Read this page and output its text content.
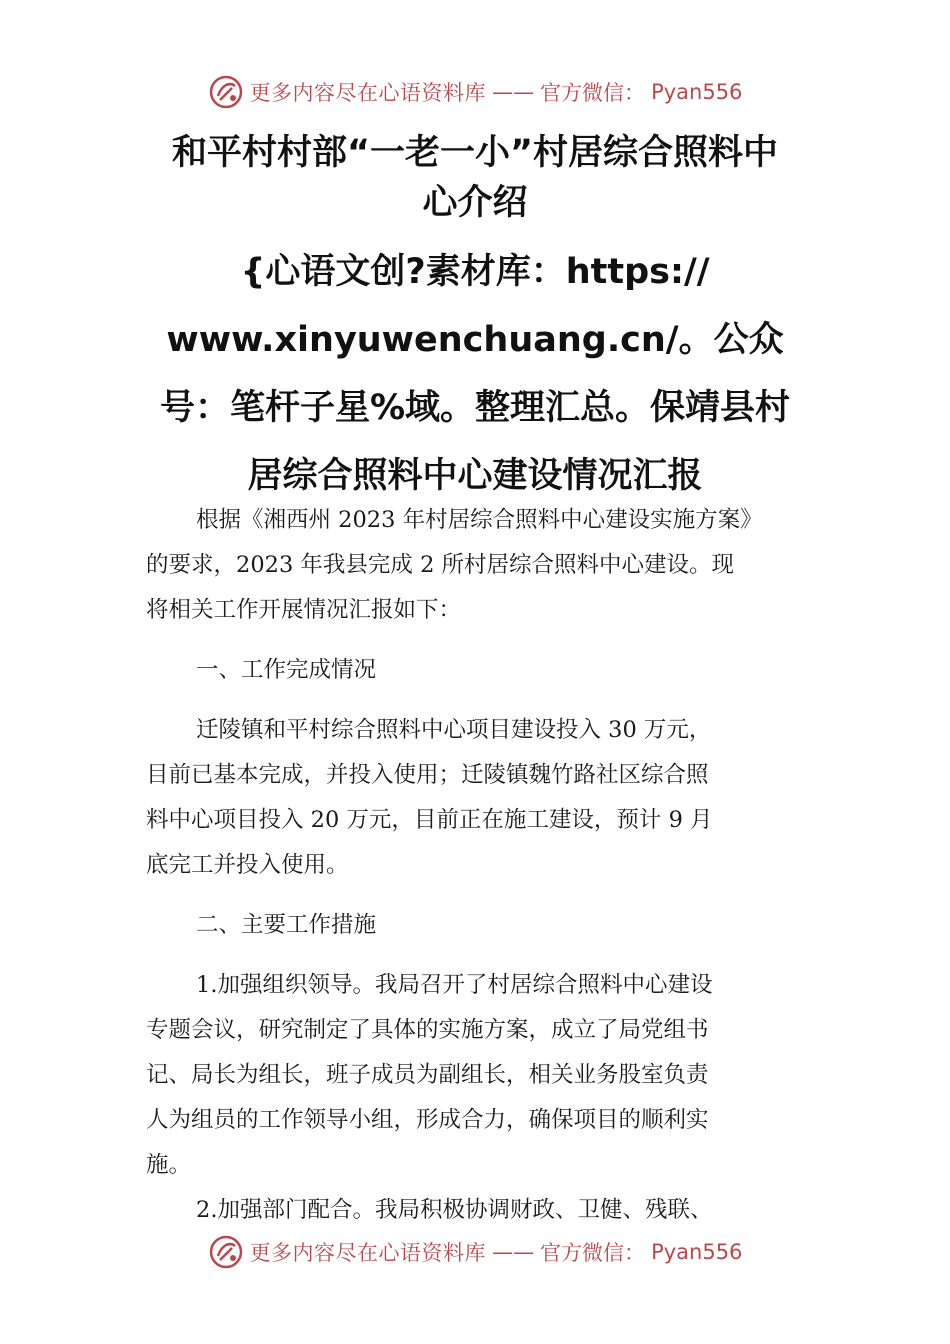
更多内容尽在心语资料库 —— 官方微信： Pyan556
和平村村部“一老一小”村居综合照料中
心介绍
{心语文创?素材库：https://
www.xinyuwenchuang.cn/。公众
号：笔杆子星%域。整理汇总。保靖县村
居综合照料中心建设情况汇报
根据《湘西州 2023 年村居综合照料中心建设实施方案》
的要求，2023 年我县完成 2 所村居综合照料中心建设。现
将相关工作开展情况汇报如下：
一、工作完成情况
迁陵镇和平村综合照料中心项目建设投入 30 万元，
目前已基本完成，并投入使用；迁陵镇魏竹路社区综合照
料中心项目投入 20 万元，目前正在施工建设，预计 9 月
底完工并投入使用。
二、主要工作措施
1.加强组织领导。我局召开了村居综合照料中心建设
专题会议，研究制定了具体的实施方案，成立了局党组书
记、局长为组长，班子成员为副组长，相关业务股室负责
人为组员的工作领导小组，形成合力，确保项目的顺利实
施。
2.加强部门配合。我局积极协调财政、卫健、残联、
更多内容尽在心语资料库 —— 官方微信： Pyan556
